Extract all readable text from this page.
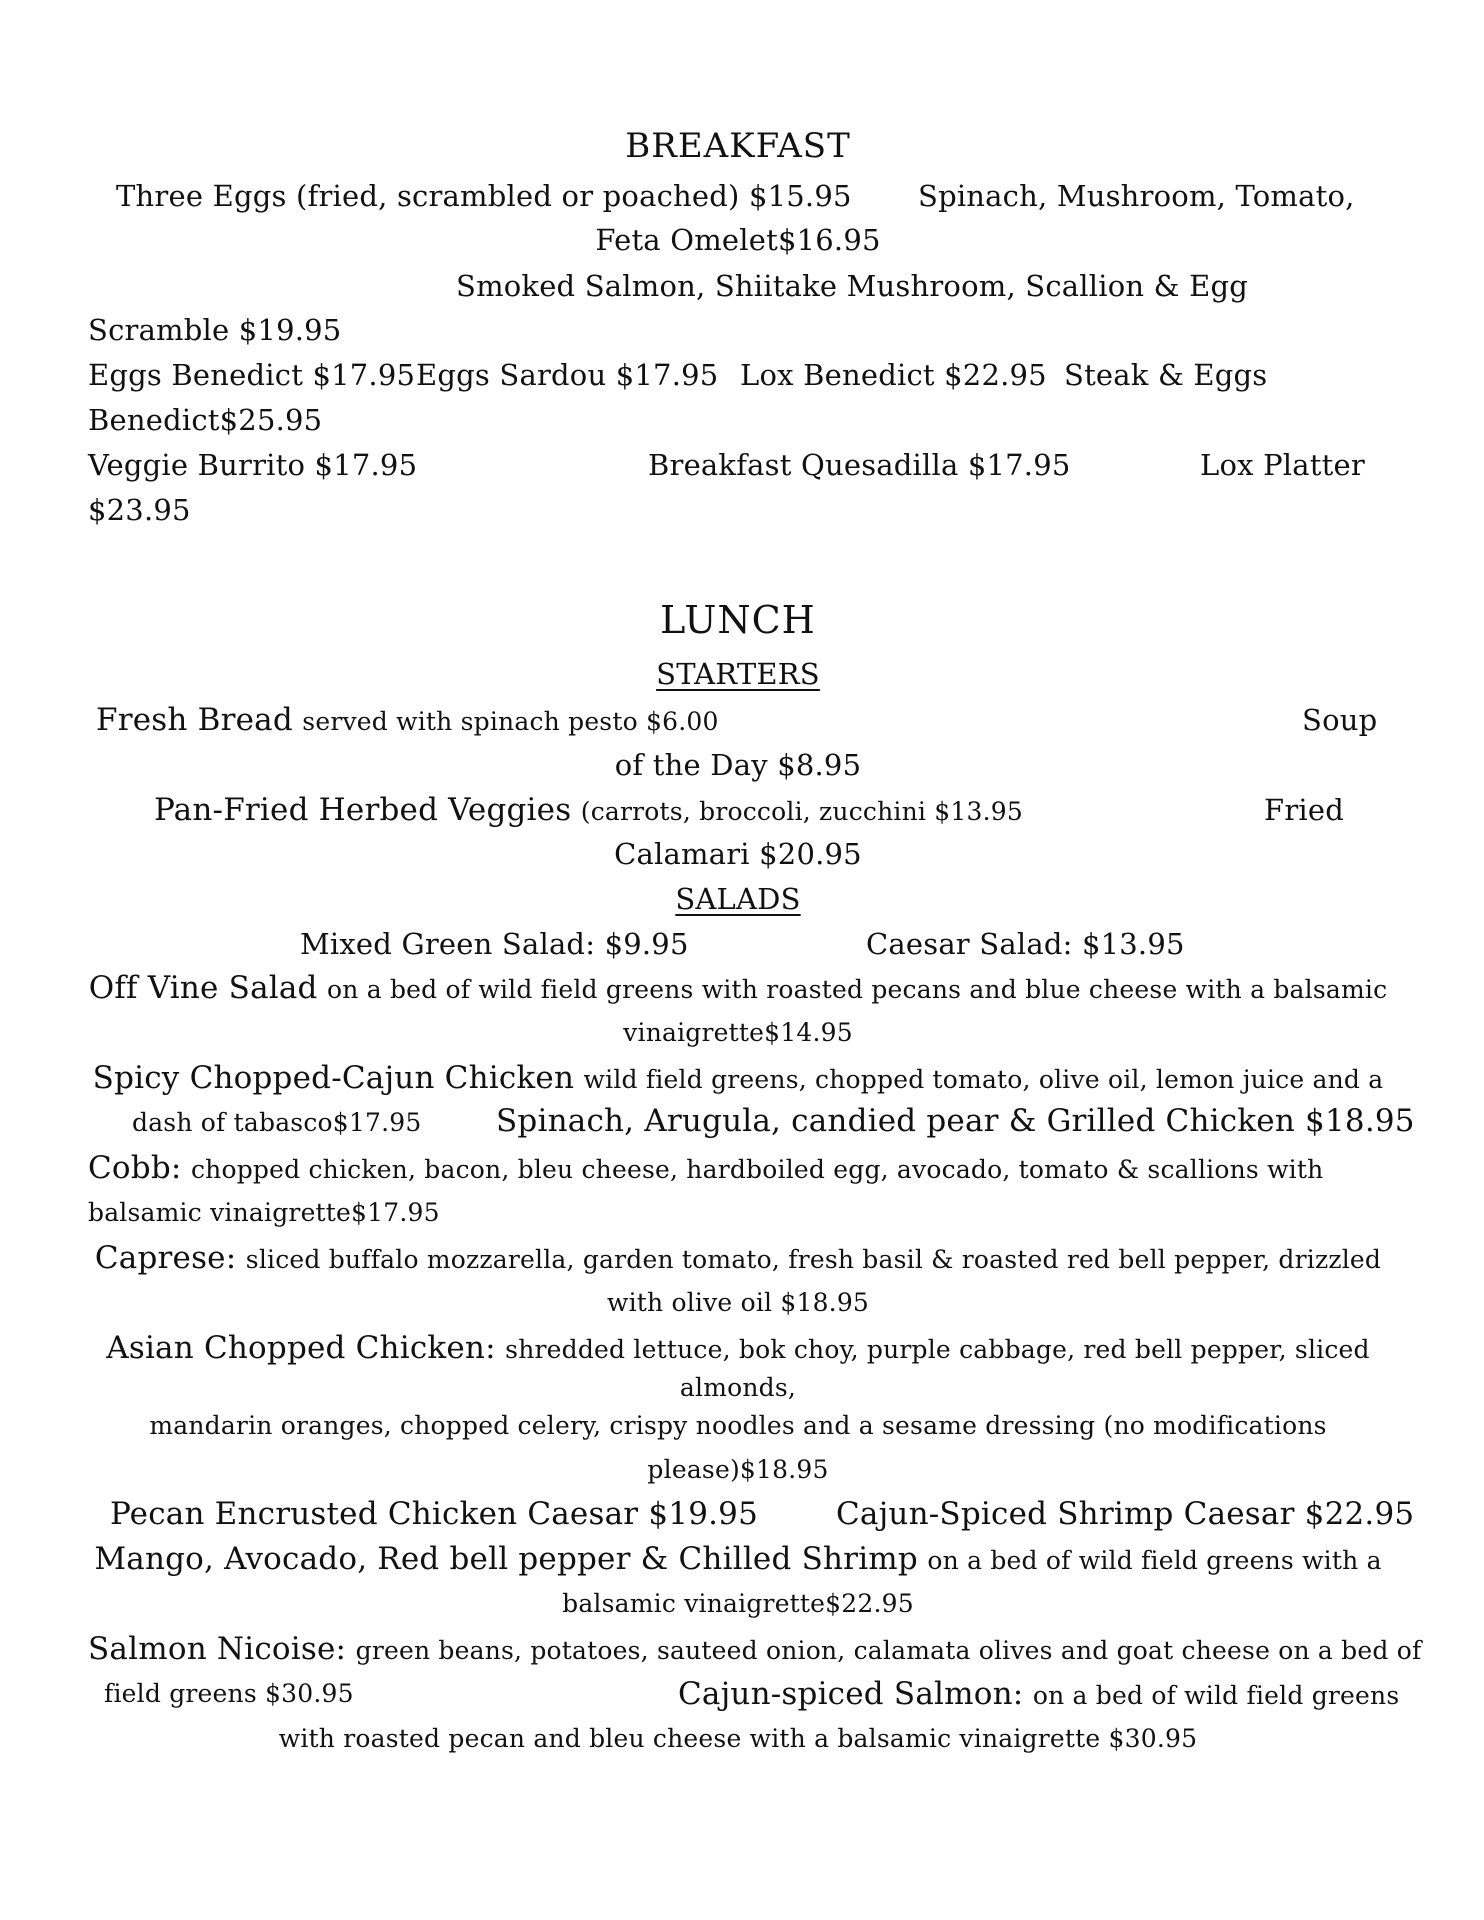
BREAKFAST
Three Eggs (fried, scrambled or poached) $15.95 Spinach, Mushroom, Tomato,
Feta Omelet$16.95
Smoked Salmon, Shiitake Mushroom, Scallion & Egg
Scramble $19.95
Eggs Benedict $17.95 Eggs Sardou $17.95 Lox Benedict $22.95 Steak & Eggs
Benedict$25.95
Veggie Burrito $17.95	Breakfast Quesadilla $17.95	Lox Platter
$23.95
LUNCH
STARTERS
Fresh Bread served with spinach pesto $6.00	Soup
of the Day $8.95
Pan-Fried Herbed Veggies (carrots, broccoli, zucchini $13.95	Fried
Calamari $20.95
SALADS
Mixed Green Salad: $9.95	Caesar Salad: $13.95
Off Vine Salad on a bed of wild field greens with roasted pecans and blue cheese with a balsamic
vinaigrette$14.95
Spicy Chopped-Cajun Chicken wild field greens, chopped tomato, olive oil, lemon juice and a
dash of tabasco$17.95 Spinach, Arugula, candied pear & Grilled Chicken $18.95
Cobb: chopped chicken, bacon, bleu cheese, hardboiled egg, avocado, tomato & scallions with
balsamic vinaigrette$17.95
Caprese: sliced buffalo mozzarella, garden tomato, fresh basil & roasted red bell pepper, drizzled
with olive oil $18.95
Asian Chopped Chicken: shredded lettuce, bok choy, purple cabbage, red bell pepper, sliced
almonds,
mandarin oranges, chopped celery, crispy noodles and a sesame dressing (no modifications
please)$18.95
Pecan Encrusted Chicken Caesar $19.95	Cajun-Spiced Shrimp Caesar $22.95
Mango, Avocado, Red bell pepper & Chilled Shrimp on a bed of wild field greens with a
balsamic vinaigrette$22.95
Salmon Nicoise: green beans, potatoes, sauteed onion, calamata olives and goat cheese on a bed of
field greens $30.95	Cajun-spiced Salmon: on a bed of wild field greens
with roasted pecan and bleu cheese with a balsamic vinaigrette $30.95
